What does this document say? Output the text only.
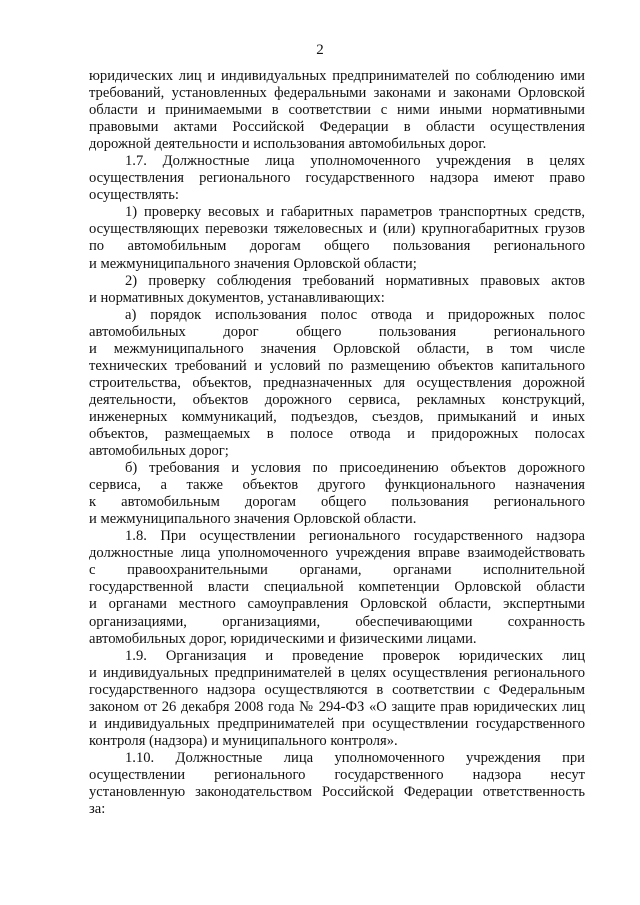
2
юридических лиц и индивидуальных предпринимателей по соблюдению ими
требований, установленных федеральными законами и законами Орловской
области и принимаемыми в соответствии с ними иными нормативными
правовыми актами Российской Федерации в области осуществления
дорожной деятельности и использования автомобильных дорог.
1.7. Должностные лица уполномоченного учреждения в целях
осуществления регионального государственного надзора имеют право
осуществлять:
1) проверку весовых и габаритных параметров транспортных средств,
осуществляющих перевозки тяжеловесных и (или) крупногабаритных грузов
по автомобильным дорогам общего пользования регионального
и межмуниципального значения Орловской области;
2) проверку соблюдения требований нормативных правовых актов
и нормативных документов, устанавливающих:
а) порядок использования полос отвода и придорожных полос
автомобильных дорог общего пользования регионального
и межмуниципального значения Орловской области, в том числе
технических требований и условий по размещению объектов капитального
строительства, объектов, предназначенных для осуществления дорожной
деятельности, объектов дорожного сервиса, рекламных конструкций,
инженерных коммуникаций, подъездов, съездов, примыканий и иных
объектов, размещаемых в полосе отвода и придорожных полосах
автомобильных дорог;
б) требования и условия по присоединению объектов дорожного
сервиса, а также объектов другого функционального назначения
к автомобильным дорогам общего пользования регионального
и межмуниципального значения Орловской области.
1.8. При осуществлении регионального государственного надзора
должностные лица уполномоченного учреждения вправе взаимодействовать
с правоохранительными органами, органами исполнительной
государственной власти специальной компетенции Орловской области
и органами местного самоуправления Орловской области, экспертными
организациями, организациями, обеспечивающими сохранность
автомобильных дорог, юридическими и физическими лицами.
1.9. Организация и проведение проверок юридических лиц
и индивидуальных предпринимателей в целях осуществления регионального
государственного надзора осуществляются в соответствии с Федеральным
законом от 26 декабря 2008 года № 294-ФЗ «О защите прав юридических лиц
и индивидуальных предпринимателей при осуществлении государственного
контроля (надзора) и муниципального контроля».
1.10. Должностные лица уполномоченного учреждения при
осуществлении регионального государственного надзора несут
установленную законодательством Российской Федерации ответственность
за:
